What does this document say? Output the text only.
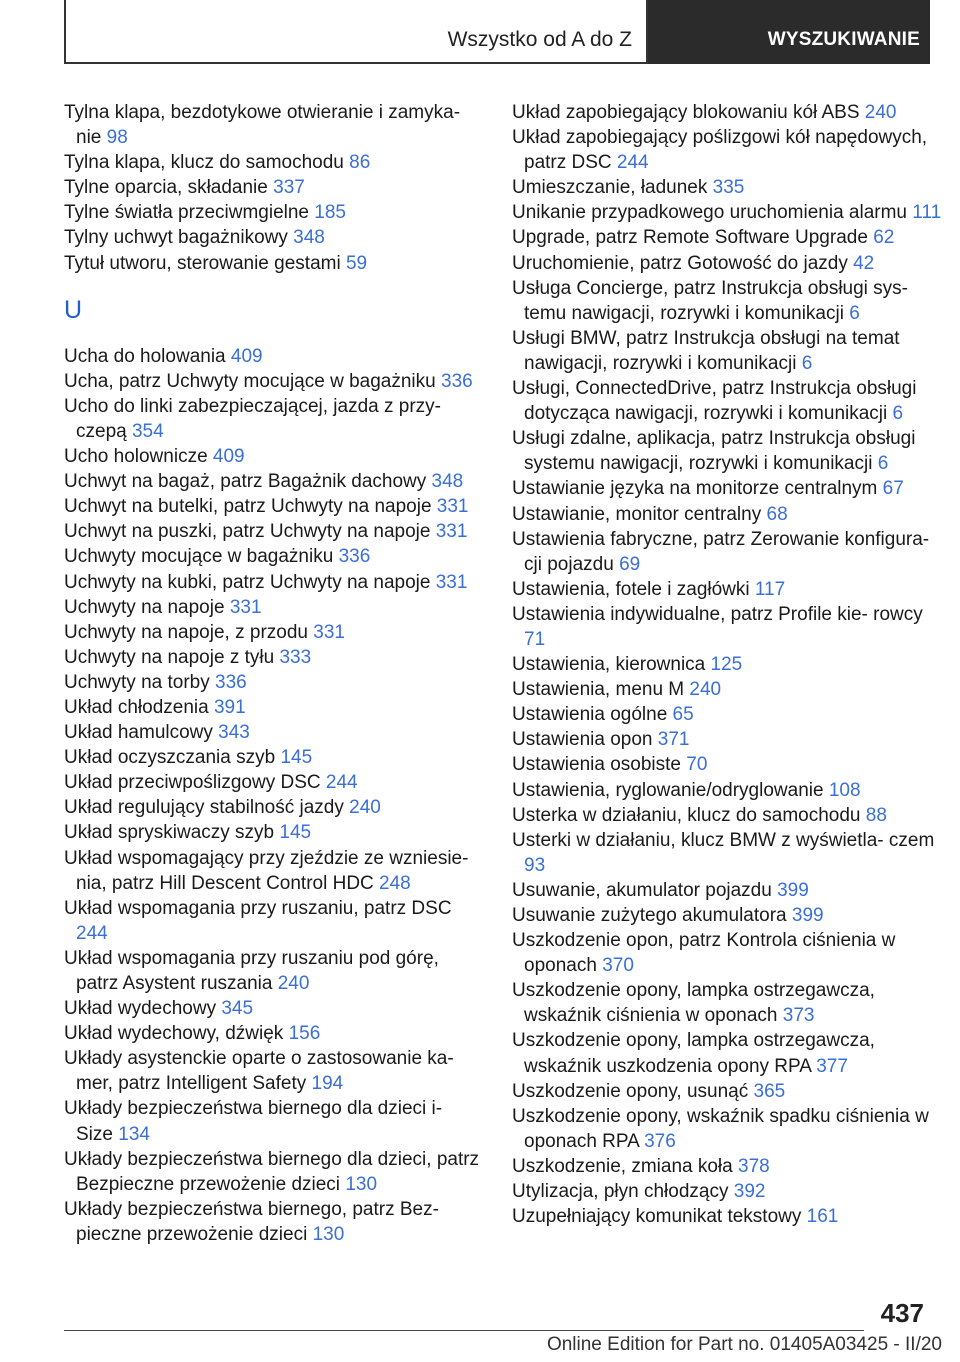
Wszystko od A do Z	WYSZUKIWANIE

Tylna klapa, bezdotykowe otwieranie i zamyka- nie 98

Tylna klapa, klucz do samochodu 86

Tylne oparcia, składanie 337

Tylne światła przeciwmgielne 185

Tylny uchwyt bagażnikowy 348

Tytuł utworu, sterowanie gestami 59

U

Ucha do holowania 409

Ucha, patrz Uchwyty mocujące w bagażniku 336

Ucho do linki zabezpieczającej, jazda z przy- czepą 354

Ucho holownicze 409

Uchwyt na bagaż, patrz Bagażnik dachowy 348

Uchwyt na butelki, patrz Uchwyty na napoje 331

Uchwyt na puszki, patrz Uchwyty na napoje 331

Uchwyty mocujące w bagażniku 336

Uchwyty na kubki, patrz Uchwyty na napoje 331

Uchwyty na napoje 331

Uchwyty na napoje, z przodu 331

Uchwyty na napoje z tyłu 333

Uchwyty na torby 336

Układ chłodzenia 391

Układ hamulcowy 343

Układ oczyszczania szyb 145

Układ przeciwpoślizgowy DSC 244

Układ regulujący stabilność jazdy 240

Układ spryskiwaczy szyb 145

Układ wspomagający przy zjeździe ze wzniesie- nia, patrz Hill Descent Control HDC 248

Układ wspomagania przy ruszaniu, patrz DSC 244

Układ wspomagania przy ruszaniu pod górę, patrz Asystent ruszania 240

Układ wydechowy 345

Układ wydechowy, dźwięk 156

Układy asystenckie oparte o zastosowanie ka- mer, patrz Intelligent Safety 194

Układy bezpieczeństwa biernego dla dzieci i- Size 134

Układy bezpieczeństwa biernego dla dzieci, patrz Bezpieczne przewożenie dzieci 130

Układy bezpieczeństwa biernego, patrz Bez- pieczne przewożenie dzieci 130

Układ zapobiegający blokowaniu kół ABS 240

Układ zapobiegający poślizgowi kół napędowych, patrz DSC 244

Umieszczanie, ładunek 335

Unikanie przypadkowego uruchomienia alarmu 111

Upgrade, patrz Remote Software Upgrade 62

Uruchomienie, patrz Gotowość do jazdy 42

Usługa Concierge, patrz Instrukcja obsługi sys- temu nawigacji, rozrywki i komunikacji 6

Usługi BMW, patrz Instrukcja obsługi na temat nawigacji, rozrywki i komunikacji 6

Usługi, ConnectedDrive, patrz Instrukcja obsługi dotycząca nawigacji, rozrywki i komunikacji 6

Usługi zdalne, aplikacja, patrz Instrukcja obsługi systemu nawigacji, rozrywki i komunikacji 6

Ustawianie języka na monitorze centralnym 67

Ustawianie, monitor centralny 68

Ustawienia fabryczne, patrz Zerowanie konfigura- cji pojazdu 69

Ustawienia, fotele i zagłówki 117

Ustawienia indywidualne, patrz Profile kie- rowcy 71

Ustawienia, kierownica 125

Ustawienia, menu M 240

Ustawienia ogólne 65

Ustawienia opon 371

Ustawienia osobiste 70

Ustawienia, ryglowanie/odryglowanie 108

Usterka w działaniu, klucz do samochodu 88

Usterki w działaniu, klucz BMW z wyświetla- czem 93

Usuwanie, akumulator pojazdu 399

Usuwanie zużytego akumulatora 399

Uszkodzenie opon, patrz Kontrola ciśnienia w oponach 370

Uszkodzenie opony, lampka ostrzegawcza, wskaźnik ciśnienia w oponach 373

Uszkodzenie opony, lampka ostrzegawcza, wskaźnik uszkodzenia opony RPA 377

Uszkodzenie opony, usunąć 365

Uszkodzenie opony, wskaźnik spadku ciśnienia w oponach RPA 376

Uszkodzenie, zmiana koła 378

Utylizacja, płyn chłodzący 392

Uzupełniający komunikat tekstowy 161

437
Online Edition for Part no. 01405A03425 - II/20
